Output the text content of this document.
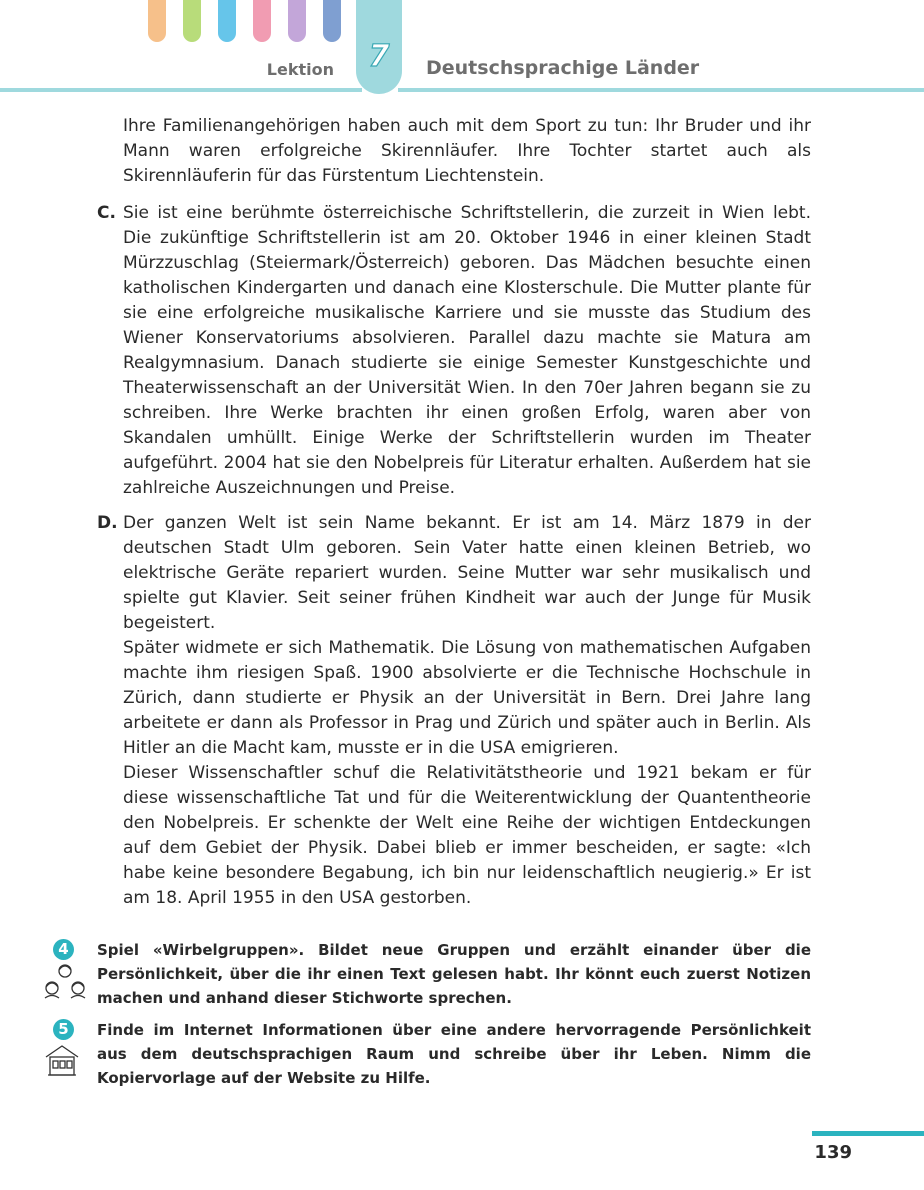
Lektion	7	Deutschsprachige Länder

Ihre Familienangehörigen haben auch mit dem Sport zu tun: Ihr Bruder und ihr Mann waren erfolgreiche Skirennläufer. Ihre Tochter startet auch als Skirennläuferin für das Fürstentum Liechtenstein.

C. Sie ist eine berühmte österreichische Schriftstellerin, die zurzeit in Wien lebt. Die zukünftige Schriftstellerin ist am 20. Oktober 1946 in einer kleinen Stadt Mürzzuschlag (Steiermark/Österreich) geboren. Das Mädchen besuchte einen katholischen Kindergarten und danach eine Klosterschule. Die Mutter plante für sie eine erfolgreiche musikalische Karriere und sie musste das Studium des Wiener Konservatoriums absolvieren. Parallel dazu machte sie Matura am Realgymnasium. Danach studierte sie einige Semester Kunstgeschichte und Theaterwissenschaft an der Universität Wien. In den 70er Jahren begann sie zu schreiben. Ihre Werke brachten ihr einen großen Erfolg, waren aber von Skandalen umhüllt. Einige Werke der Schriftstellerin wurden im Theater aufgeführt. 2004 hat sie den Nobelpreis für Literatur erhalten. Außerdem hat sie zahlreiche Auszeichnungen und Preise.

D. Der ganzen Welt ist sein Name bekannt. Er ist am 14. März 1879 in der deutschen Stadt Ulm geboren. Sein Vater hatte einen kleinen Betrieb, wo elektrische Geräte repariert wurden. Seine Mutter war sehr musikalisch und spielte gut Klavier. Seit seiner frühen Kindheit war auch der Junge für Musik begeistert.

Später widmete er sich Mathematik. Die Lösung von mathematischen Aufgaben machte ihm riesigen Spaß. 1900 absolvierte er die Technische Hochschule in Zürich, dann studierte er Physik an der Universität in Bern. Drei Jahre lang arbeitete er dann als Professor in Prag und Zürich und später auch in Berlin. Als Hitler an die Macht kam, musste er in die USA emigrieren.

Dieser Wissenschaftler schuf die Relativitätstheorie und 1921 bekam er für diese wissenschaftliche Tat und für die Weiterentwicklung der Quantentheorie den Nobelpreis. Er schenkte der Welt eine Reihe der wichtigen Entdeckungen auf dem Gebiet der Physik. Dabei blieb er immer bescheiden, er sagte: «Ich habe keine besondere Begabung, ich bin nur leidenschaftlich neugierig.» Er ist am 18. April 1955 in den USA gestorben.

4	Spiel «Wirbelgruppen». Bildet neue Gruppen und erzählt einander über die Persönlichkeit, über die ihr einen Text gelesen habt. Ihr könnt euch zuerst Notizen machen und anhand dieser Stichworte sprechen.
5	Finde im Internet Informationen über eine andere hervorragende Persönlichkeit aus dem deutschsprachigen Raum und schreibe über ihr Leben. Nimm die Kopiervorlage auf der Website zu Hilfe.
139
